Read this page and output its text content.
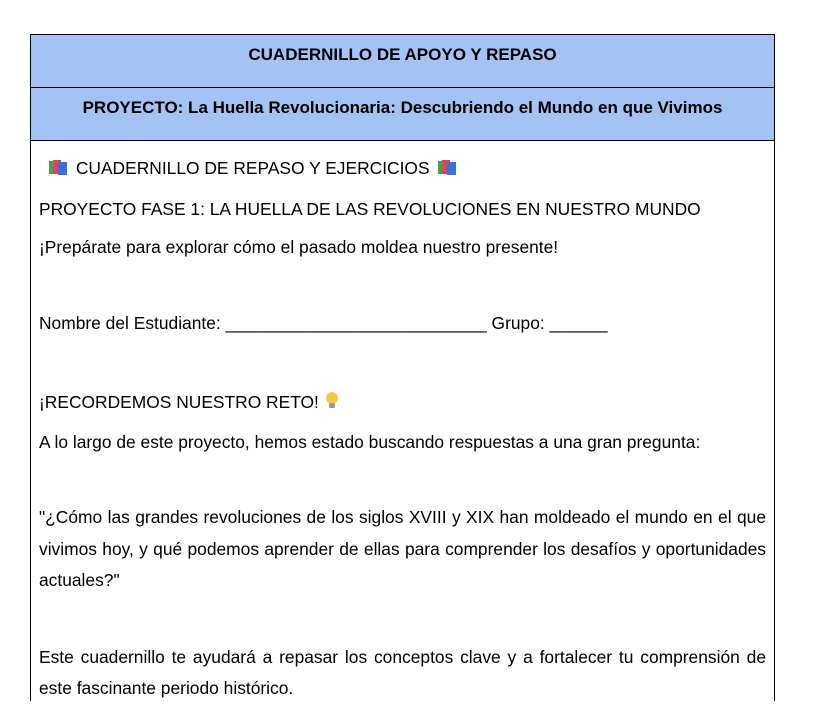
CUADERNILLO DE APOYO Y REPASO
PROYECTO: La Huella Revolucionaria: Descubriendo el Mundo en que Vivimos

CUADERNILLO DE REPASO Y EJERCICIOS

PROYECTO FASE 1: LA HUELLA DE LAS REVOLUCIONES EN NUESTRO MUNDO

¡Prepárate para explorar cómo el pasado moldea nuestro presente!

Nombre del Estudiante: ___________________________ Grupo: ______

¡RECORDEMOS NUESTRO RETO!

A lo largo de este proyecto, hemos estado buscando respuestas a una gran pregunta:

"¿Cómo las grandes revoluciones de los siglos XVIII y XIX han moldeado el mundo en el que vivimos hoy, y qué podemos aprender de ellas para comprender los desafíos y oportunidades actuales?"

Este cuadernillo te ayudará a repasar los conceptos clave y a fortalecer tu comprensión de este fascinante periodo histórico.
